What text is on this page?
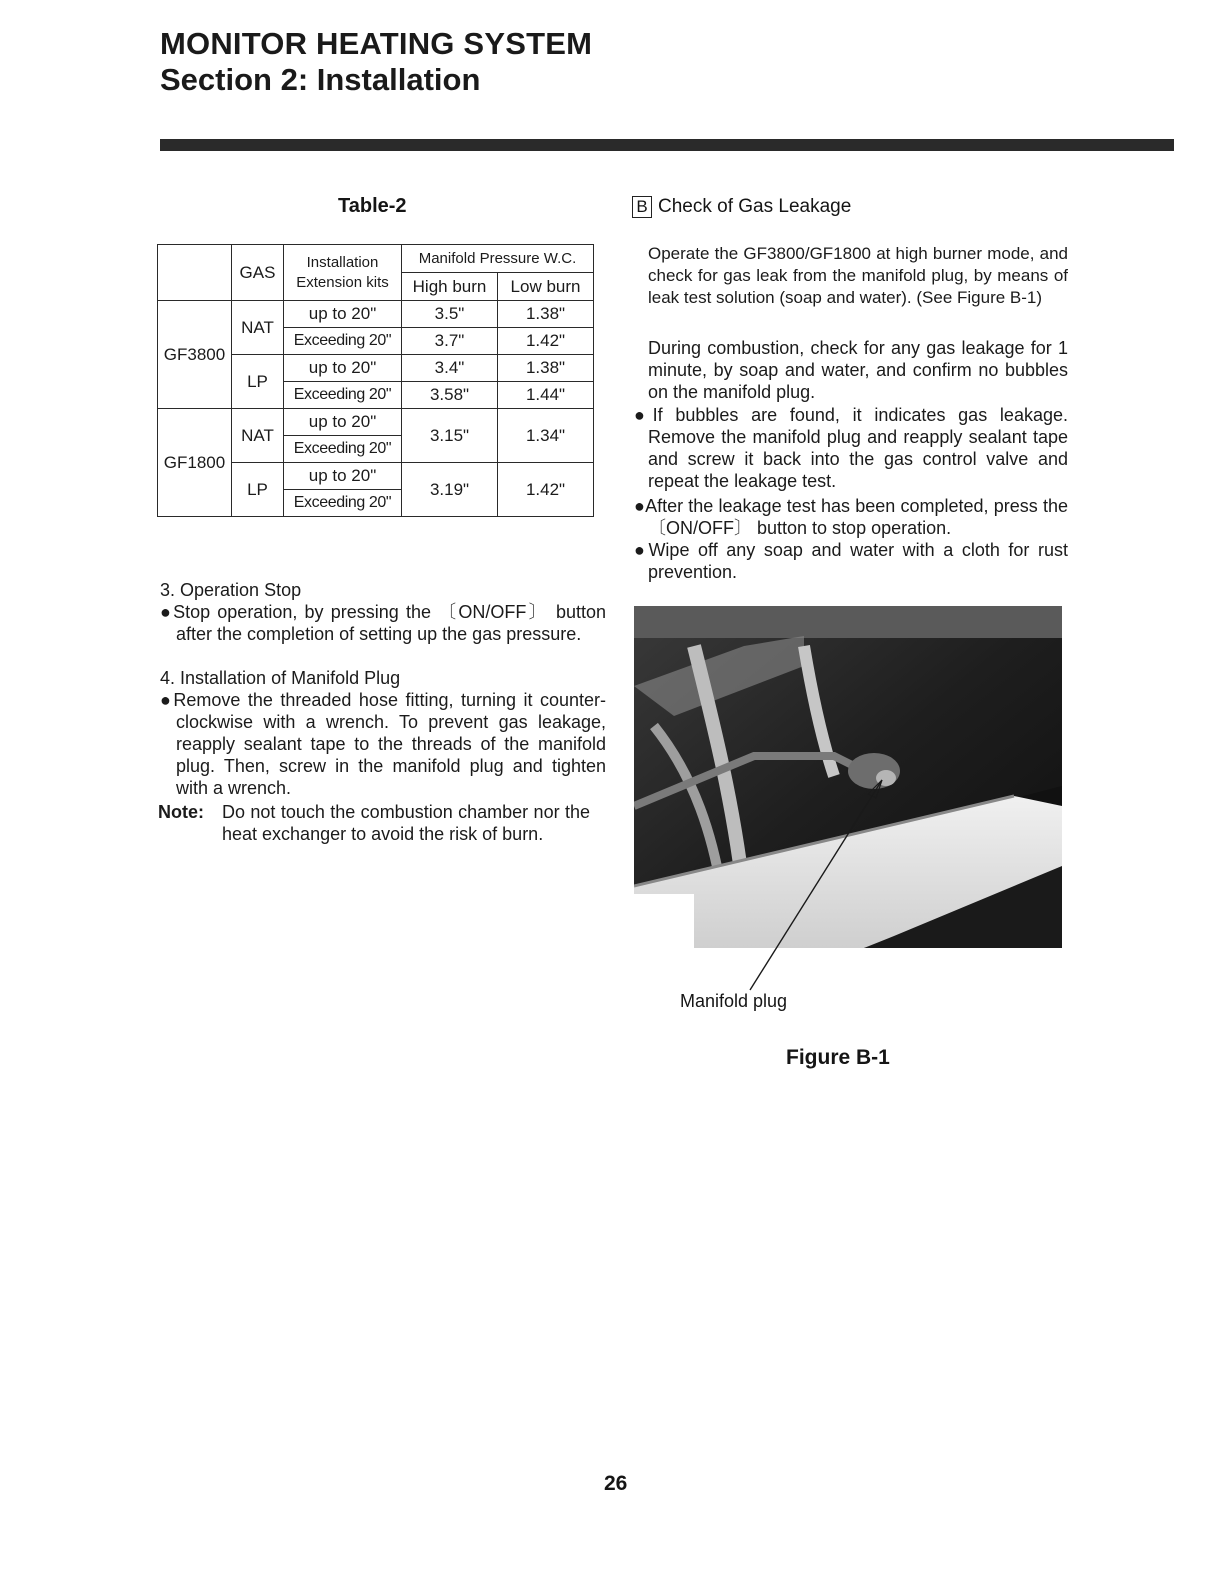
MONITOR HEATING SYSTEM
Section 2: Installation
Table-2
	GAS	Installation Extension kits	Manifold Pressure W.C.	
			High burn	Low burn
GF3800	NAT	up to 20"	3.5"	1.38"
		Exceeding 20"	3.7"	1.42"
	LP	up to 20"	3.4"	1.38"
		Exceeding 20"	3.58"	1.44"
GF1800	NAT	up to 20"	3.15"	1.34"
		Exceeding 20"		
	LP	up to 20"	3.19"	1.42"
		Exceeding 20"		
3. Operation Stop
●Stop operation, by pressing the 〔ON/OFF〕 button after the completion of setting up the gas pressure.
4. Installation of Manifold Plug
●Remove the threaded hose fitting, turning it counter-clockwise with a wrench. To prevent gas leakage, reapply sealant tape to the threads of the manifold plug. Then, screw in the manifold plug and tighten with a wrench.
Note: Do not touch the combustion chamber nor the heat exchanger to avoid the risk of burn.
B Check of Gas Leakage
Operate the GF3800/GF1800 at high burner mode, and check for gas leak from the manifold plug, by means of leak test solution (soap and water). (See Figure B-1)
During combustion, check for any gas leakage for 1 minute, by soap and water, and confirm no bubbles on the manifold plug.
●If bubbles are found, it indicates gas leakage. Remove the manifold plug and reapply sealant tape and screw it back into the gas control valve and repeat the leakage test.
●After the leakage test has been completed, press the 〔ON/OFF〕 button to stop operation.
●Wipe off any soap and water with a cloth for rust prevention.
Manifold plug
Figure B-1
26
